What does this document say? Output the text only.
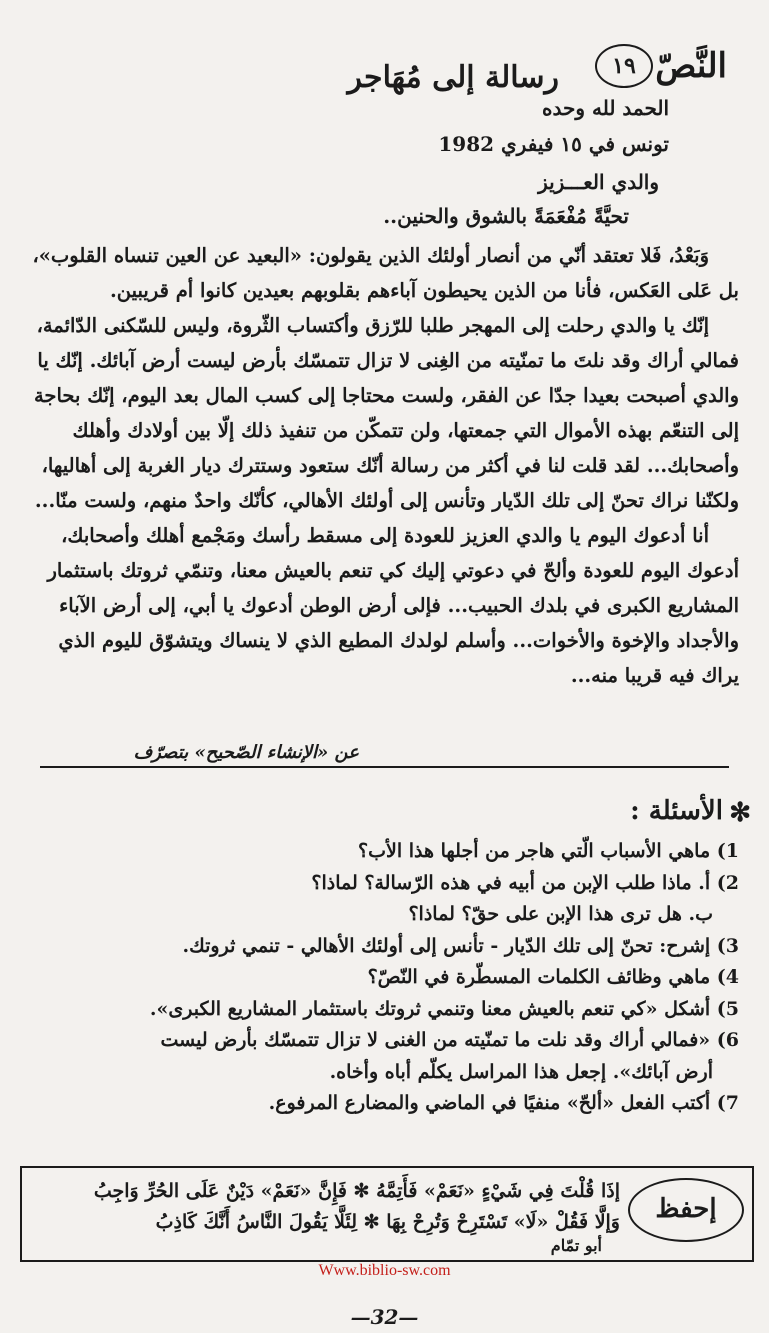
النَّصّ
١٩
رسالة إلى مُهَاجر
الحمد لله وحده
تونس في ١٥ فيفري 1982
والدي العـــزيز
تحيَّةً مُفْعَمَةً بالشوق والحنين..

وَبَعْدُ، فَلا تعتقد أنّي من أنصار أولئك الذين يقولون: «البعيد عن العين تنساه القلوب»، بل عَلى العَكس، فأنا من الذين يحيطون آباءهم بقلوبهم بعيدين كانوا أم قريبين.

إنّك يا والدي رحلت إلى المهجر طلبا للرّزق وأكتساب الثّروة، وليس للسّكنى الدّائمة، فمالي أراك وقد نلتَ ما تمنّيته من الغِنى لا تزال تتمسّك بأرض ليست أرض آبائك. إنّك يا والدي أصبحت بعيدا جدّا عن الفقر، ولست محتاجا إلى كسب المال بعد اليوم، إنّك بحاجة إلى التنعّم بهذه الأموال التي جمعتها، ولن تتمكّن من تنفيذ ذلك إلّا بين أولادك وأهلك وأصحابك... لقد قلت لنا في أكثر من رسالة أنّك ستعود وستترك ديار الغربة إلى أهاليها، ولكنّنا نراك تحنّ إلى تلك الدّيار وتأنس إلى أولئك الأهالي، كأنّك واحدٌ منهم، ولست منّا...

أنا أدعوك اليوم يا والدي العزيز للعودة إلى مسقط رأسك ومَجْمع أهلك وأصحابك، أدعوك اليوم للعودة وألحّ في دعوتي إليك كي تنعم بالعيش معنا، وتنمّي ثروتك باستثمار المشاريع الكبرى في بلدك الحبيب... فإلى أرض الوطن أدعوك يا أبي، إلى أرض الآباء والأجداد والإخوة والأخوات... وأسلم لولدك المطيع الذي لا ينساك ويتشوّق لليوم الذي يراك فيه قريبا منه...

عن «الإنشاء الصّحيح» بتصرّف
✻
الأسئلة :
1) ماهي الأسباب الّتي هاجر من أجلها هذا الأب؟
2) أ. ماذا طلب الإبن من أبيه في هذه الرّسالة؟ لماذا؟
ب. هل ترى هذا الإبن على حقّ؟ لماذا؟
3) إشرح: تحنّ إلى تلك الدّيار - تأنس إلى أولئك الأهالي - تنمي ثروتك.
4) ماهي وظائف الكلمات المسطّرة في النّصّ؟
5) أشكل «كي تنعم بالعيش معنا وتنمي ثروتك باستثمار المشاريع الكبرى».
6) «فمالي أراك وقد نلت ما تمنّيته من الغنى لا تزال تتمسّك بأرض ليست
أرض آبائك». إجعل هذا المراسل يكلّم أباه وأخاه.
7) أكتب الفعل «ألحّ» منفيًا في الماضي والمضارع المرفوع.
إحفظ
إذَا قُلْتَ فِي شَيْءٍ «نَعَمْ» فَأَتِمَّهُ ✻ فَإِنَّ «نَعَمْ» دَيْنٌ عَلَى الحُرِّ وَاجِبُ
وَإلَّا فَقُلْ «لَا» تَسْتَرِحْ وَتُرِحْ بِهَا ✻ لِئَلَّا يَقُولَ النَّاسُ أَنَّكَ كَاذِبُ
أبو تمّام
Www.biblio-sw.com
—32—
